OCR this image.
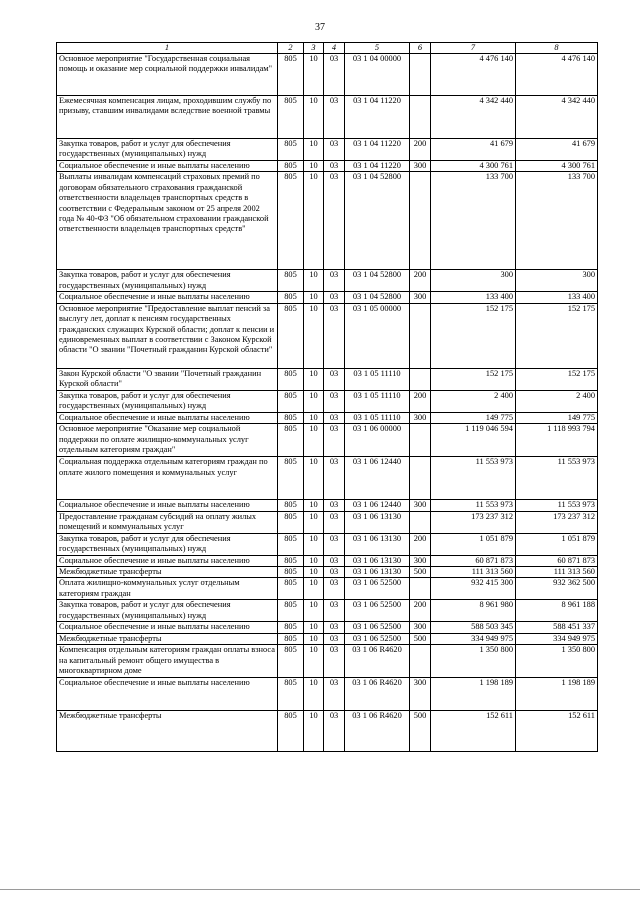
37
1	2	3	4	5	6	7	8
Основное мероприятие "Государственная социальная помощь и оказание мер социальной поддержки инвалидам"	805	10	03	03 1 04 00000		4 476 140	4 476 140
Ежемесячная компенсация лицам, проходившим службу по призыву, ставшим инвалидами вследствие военной травмы	805	10	03	03 1 04 11220		4 342 440	4 342 440
Закупка товаров, работ и услуг для обеспечения государственных (муниципальных) нужд	805	10	03	03 1 04 11220	200	41 679	41 679
Социальное обеспечение и иные выплаты населению	805	10	03	03 1 04 11220	300	4 300 761	4 300 761
Выплаты инвалидам компенсаций страховых премий по договорам обязательного страхования гражданской ответственности владельцев транспортных средств в соответствии с Федеральным законом от 25 апреля 2002 года № 40-ФЗ "Об обязательном страховании гражданской ответственности владельцев транспортных средств"	805	10	03	03 1 04 52800		133 700	133 700
Закупка товаров, работ и услуг для обеспечения государственных (муниципальных) нужд	805	10	03	03 1 04 52800	200	300	300
Социальное обеспечение и иные выплаты населению	805	10	03	03 1 04 52800	300	133 400	133 400
Основное мероприятие "Предоставление выплат пенсий за выслугу лет, доплат к пенсиям государственных гражданских служащих Курской области; доплат к пенсии и единовременных выплат в соответствии с Законом Курской области "О звании "Почетный гражданин Курской области"	805	10	03	03 1 05 00000		152 175	152 175
Закон Курской области "О звании "Почетный гражданин Курской области"	805	10	03	03 1 05 11110		152 175	152 175
Закупка товаров, работ и услуг для обеспечения государственных (муниципальных) нужд	805	10	03	03 1 05 11110	200	2 400	2 400
Социальное обеспечение и иные выплаты населению	805	10	03	03 1 05 11110	300	149 775	149 775
Основное мероприятие "Оказание мер социальной поддержки по оплате жилищно-коммунальных услуг отдельным категориям граждан"	805	10	03	03 1 06 00000		1 119 046 594	1 118 993 794
Социальная поддержка отдельным категориям граждан по оплате жилого помещения и коммунальных услуг	805	10	03	03 1 06 12440		11 553 973	11 553 973
Социальное обеспечение и иные выплаты населению	805	10	03	03 1 06 12440	300	11 553 973	11 553 973
Предоставление гражданам субсидий на оплату жилых помещений и коммунальных услуг	805	10	03	03 1 06 13130		173 237 312	173 237 312
Закупка товаров, работ и услуг для обеспечения государственных (муниципальных) нужд	805	10	03	03 1 06 13130	200	1 051 879	1 051 879
Социальное обеспечение и иные выплаты населению	805	10	03	03 1 06 13130	300	60 871 873	60 871 873
Межбюджетные трансферты	805	10	03	03 1 06 13130	500	111 313 560	111 313 560
Оплата жилищно-коммунальных услуг отдельным категориям граждан	805	10	03	03 1 06 52500		932 415 300	932 362 500
Закупка товаров, работ и услуг для обеспечения государственных (муниципальных) нужд	805	10	03	03 1 06 52500	200	8 961 980	8 961 188
Социальное обеспечение и иные выплаты населению	805	10	03	03 1 06 52500	300	588 503 345	588 451 337
Межбюджетные трансферты	805	10	03	03 1 06 52500	500	334 949 975	334 949 975
Компенсация отдельным категориям граждан оплаты взноса на капитальный ремонт общего имущества в многоквартирном доме	805	10	03	03 1 06 R4620		1 350 800	1 350 800
Социальное обеспечение и иные выплаты населению	805	10	03	03 1 06 R4620	300	1 198 189	1 198 189
Межбюджетные трансферты	805	10	03	03 1 06 R4620	500	152 611	152 611
